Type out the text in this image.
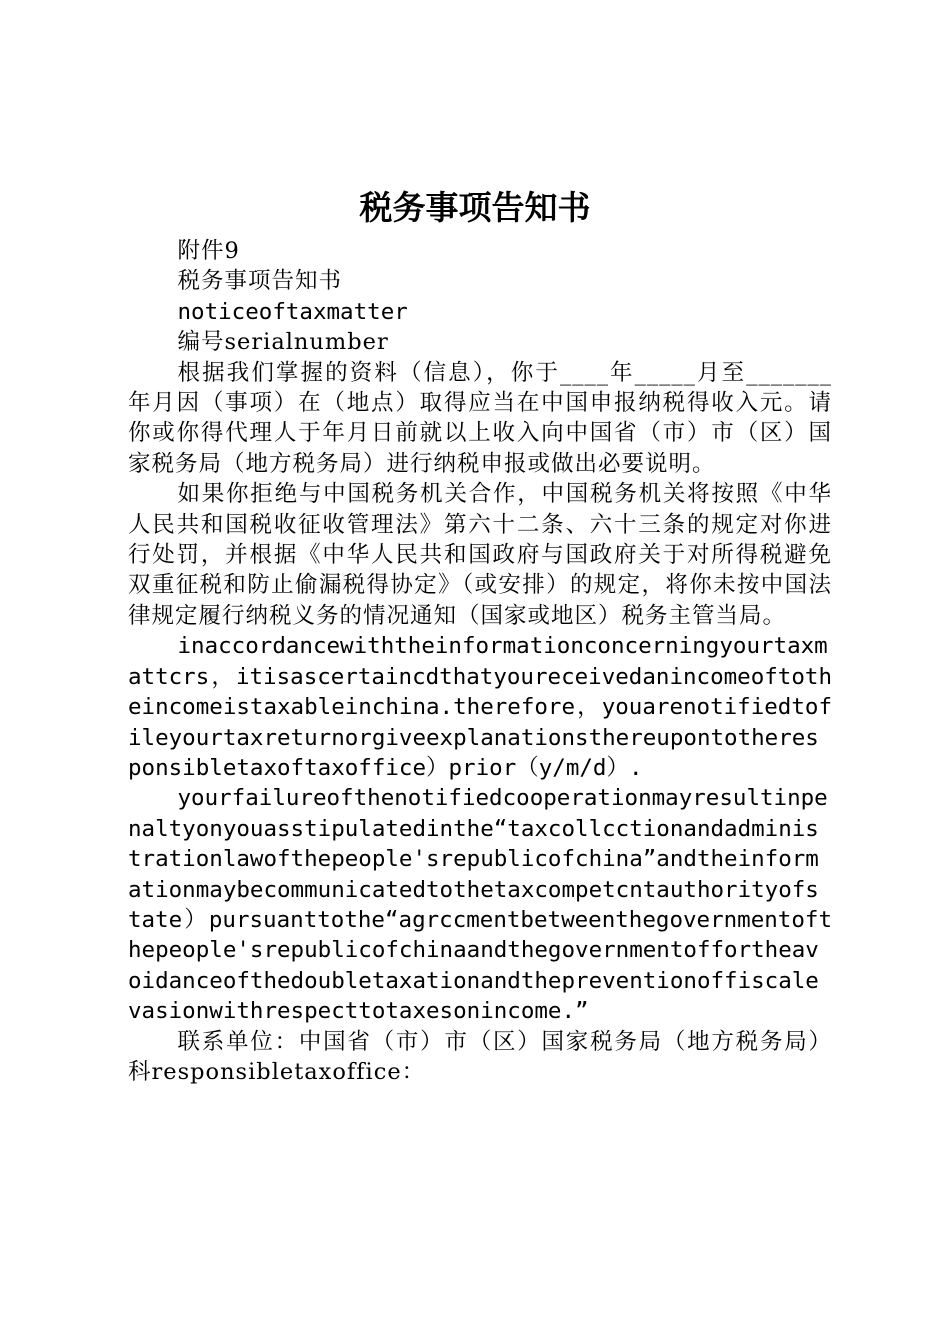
税务事项告知书

附件9

税务事项告知书

noticeoftaxmatter

编号serialnumber

根据我们掌握的资料（信息），你于____年_____月至_______年月因（事项）在（地点）取得应当在中国申报纳税得收入元。请你或你得代理人于年月日前就以上收入向中国省（市）市（区）国家税务局（地方税务局）进行纳税申报或做出必要说明。

如果你拒绝与中国税务机关合作，中国税务机关将按照《中华人民共和国税收征收管理法》第六十二条、六十三条的规定对你进行处罚，并根据《中华人民共和国政府与国政府关于对所得税避免双重征税和防止偷漏税得协定》（或安排）的规定，将你未按中国法律规定履行纳税义务的情况通知（国家或地区）税务主管当局。

inaccordancewiththeinformationconcerningyourtaxmattcrs，itisascertaincdthatyoureceivedanincomeoftotheincomeistaxableinchina.therefore，youarenotifiedtofileyourtaxreturnorgiveexplanationsthereupontotheresponsibletaxoftaxoffice）prior（y/m/d）.

yourfailureofthenotifiedcooperationmayresultinpenaltyonyouasstipulatedinthe“taxcollcctionandadministrationlawofthepeople'srepublicofchina”andtheinformationmaybecommunicatedtothetaxcompetcntauthorityofstate）pursuanttothe“agrccmentbetweenthegovernmentofthepeople'srepublicofchinaandthegovernmentoffortheavoidanceofthedoubletaxationandthepreventionoffiscalevasionwithrespecttotaxesonincome.”

联系单位：中国省（市）市（区）国家税务局（地方税务局）科responsibletaxoffice：
